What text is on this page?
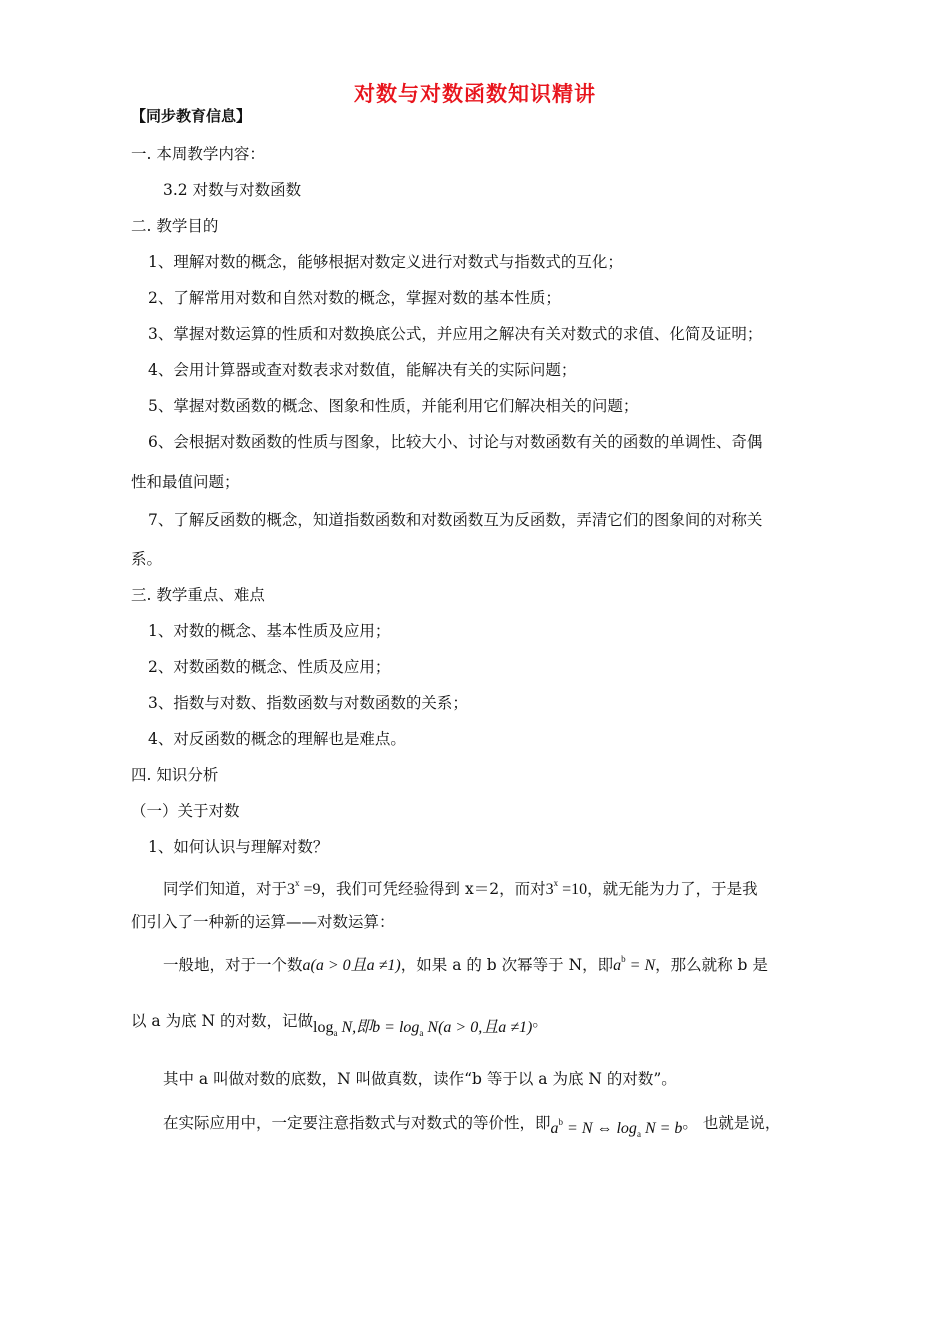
对数与对数函数知识精讲
【同步教育信息】
一. 本周教学内容：
3.2 对数与对数函数
二. 教学目的
1、理解对数的概念，能够根据对数定义进行对数式与指数式的互化；
2、了解常用对数和自然对数的概念，掌握对数的基本性质；
3、掌握对数运算的性质和对数换底公式，并应用之解决有关对数式的求值、化简及证明；
4、会用计算器或查对数表求对数值，能解决有关的实际问题；
5、掌握对数函数的概念、图象和性质，并能利用它们解决相关的问题；
6、会根据对数函数的性质与图象，比较大小、讨论与对数函数有关的函数的单调性、奇偶
性和最值问题；
7、了解反函数的概念，知道指数函数和对数函数互为反函数，弄清它们的图象间的对称关
系。
三. 教学重点、难点
1、对数的概念、基本性质及应用；
2、对数函数的概念、性质及应用；
3、指数与对数、指数函数与对数函数的关系；
4、对反函数的概念的理解也是难点。
四. 知识分析
（一）关于对数
1、如何认识与理解对数？
同学们知道，对于$3^x =9$，我们可凭经验得到 x＝2，而对$3^x =10$，就无能为力了，于是我
们引入了一种新的运算——对数运算：
一般地，对于一个数a(a > 0且a ≠1)，如果 a 的 b 次幂等于 N，即$a^b = N$，那么就称 b 是
以 a 为底 N 的对数，记做$\log_a N$,即$b = \log_a N(a > 0$,且a ≠1)。
其中 a 叫做对数的底数，N 叫做真数，读作“b 等于以 a 为底 N 的对数”。
在实际应用中，一定要注意指数式与对数式的等价性，即$a^b = N$ ⇔ $\log_a N = b$。 也就是说，
